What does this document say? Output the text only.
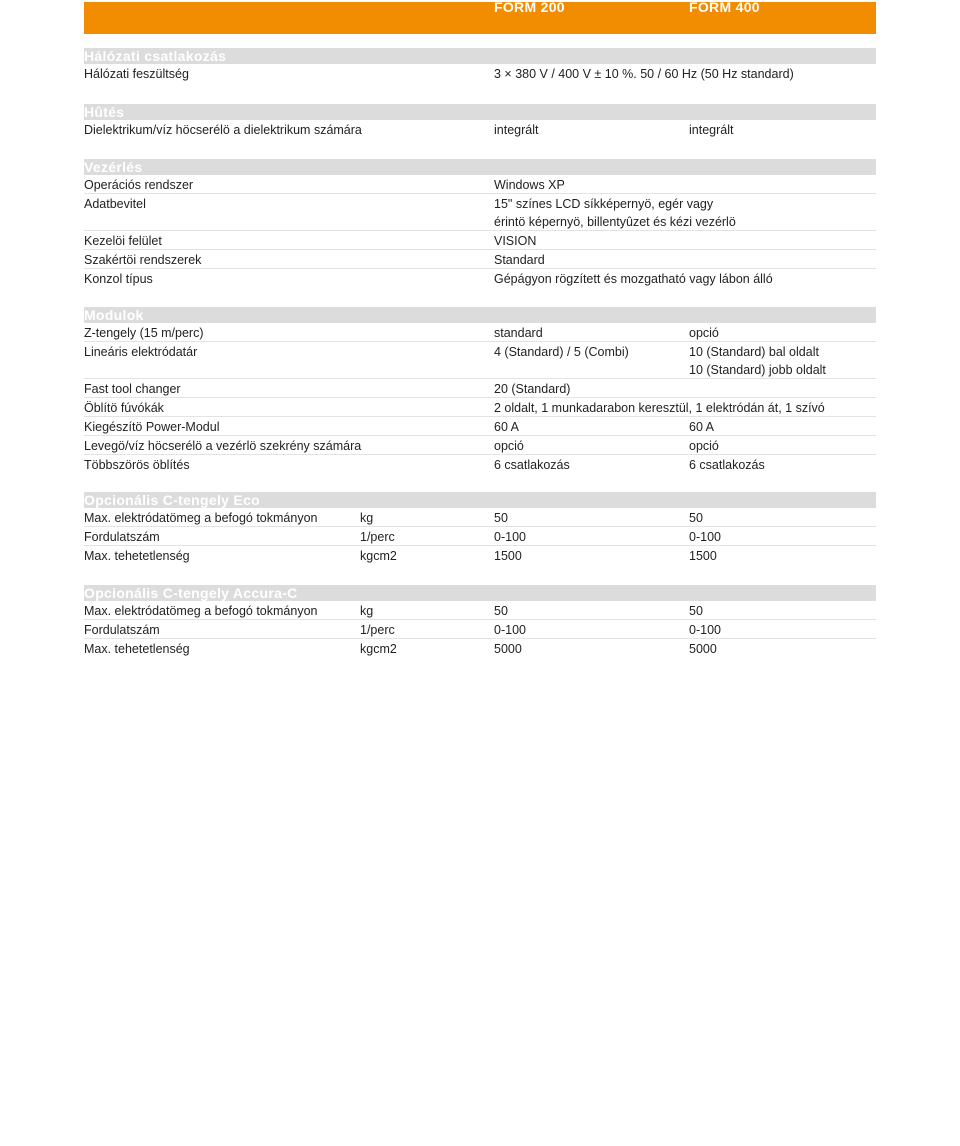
FORM 200	FORM 400
Hálózati csatlakozás
Hálózati feszültség	3 × 380 V / 400 V ± 10 %. 50 / 60 Hz (50 Hz standard)
Hûtés
Dielektrikum/víz höcserélö a dielektrikum számára	integrált	integrált
Vezérlés
Operációs rendszer	Windows XP
Adatbevitel	15" színes LCD síkképernyö, egér vagy
érintö képernyö, billentyûzet és kézi vezérlö
Kezelöi felület	VISION
Szakértöi rendszerek	Standard
Konzol típus	Gépágyon rögzített és mozgatható vagy lábon álló
Modulok
Z-tengely (15 m/perc)	standard	opció
Lineáris elektródatár	4 (Standard) / 5 (Combi)	10 (Standard) bal oldalt
10 (Standard) jobb oldalt
Fast tool changer	20 (Standard)
Öblítö fúvókák	2 oldalt, 1 munkadarabon keresztül, 1 elektródán át, 1 szívó
Kiegészítö Power-Modul	60 A	60 A
Levegö/víz höcserélö a vezérlö szekrény számára	opció	opció
Többszörös öblítés	6 csatlakozás	6 csatlakozás
Opcionális C-tengely Eco
Max. elektródatömeg a befogó tokmányon	kg	50	50
Fordulatszám	1/perc	0-100	0-100
Max. tehetetlenség	kgcm2	1500	1500
Opcionális C-tengely Accura-C
Max. elektródatömeg a befogó tokmányon	kg	50	50
Fordulatszám	1/perc	0-100	0-100
Max. tehetetlenség	kgcm2	5000	5000
